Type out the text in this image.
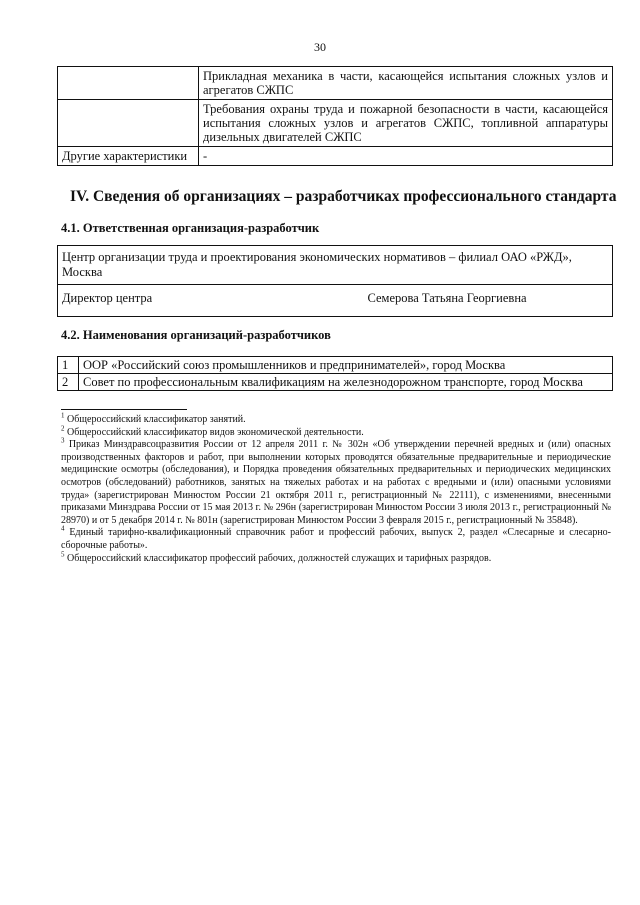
30
	Прикладная механика в части, касающейся испытания сложных узлов и агрегатов СЖПС
	Требования охраны труда и пожарной безопасности в части, касающейся испытания сложных узлов и агрегатов СЖПС, топливной аппаратуры дизельных двигателей СЖПС
Другие характеристики	-
IV. Сведения об организациях – разработчиках профессионального стандарта
4.1. Ответственная организация-разработчик
Центр организации труда и проектирования экономических нормативов – филиал ОАО «РЖД», Москва
Директор центра	Семерова Татьяна Георгиевна
4.2. Наименования организаций-разработчиков
1	ООР «Российский союз промышленников и предпринимателей», город Москва
2	Совет по профессиональным квалификациям на железнодорожном транспорте, город Москва

$^1$ Общероссийский классификатор занятий.

$^2$ Общероссийский классификатор видов экономической деятельности.

$^3$ Приказ Минздравсоцразвития России от 12 апреля 2011 г. № 302н «Об утверждении перечней вредных и (или) опасных производственных факторов и работ, при выполнении которых проводятся обязательные предварительные и периодические медицинские осмотры (обследования), и Порядка проведения обязательных предварительных и периодических медицинских осмотров (обследований) работников, занятых на тяжелых работах и на работах с вредными и (или) опасными условиями труда» (зарегистрирован Минюстом России 21 октября 2011 г., регистрационный № 22111), с изменениями, внесенными приказами Минздрава России от 15 мая 2013 г. № 296н (зарегистрирован Минюстом России 3 июля 2013 г., регистрационный № 28970) и от 5 декабря 2014 г. № 801н (зарегистрирован Минюстом России 3 февраля 2015 г., регистрационный № 35848).

$^4$ Единый тарифно-квалификационный справочник работ и профессий рабочих, выпуск 2, раздел «Слесарные и слесарно-сборочные работы».

$^5$ Общероссийский классификатор профессий рабочих, должностей служащих и тарифных разрядов.
